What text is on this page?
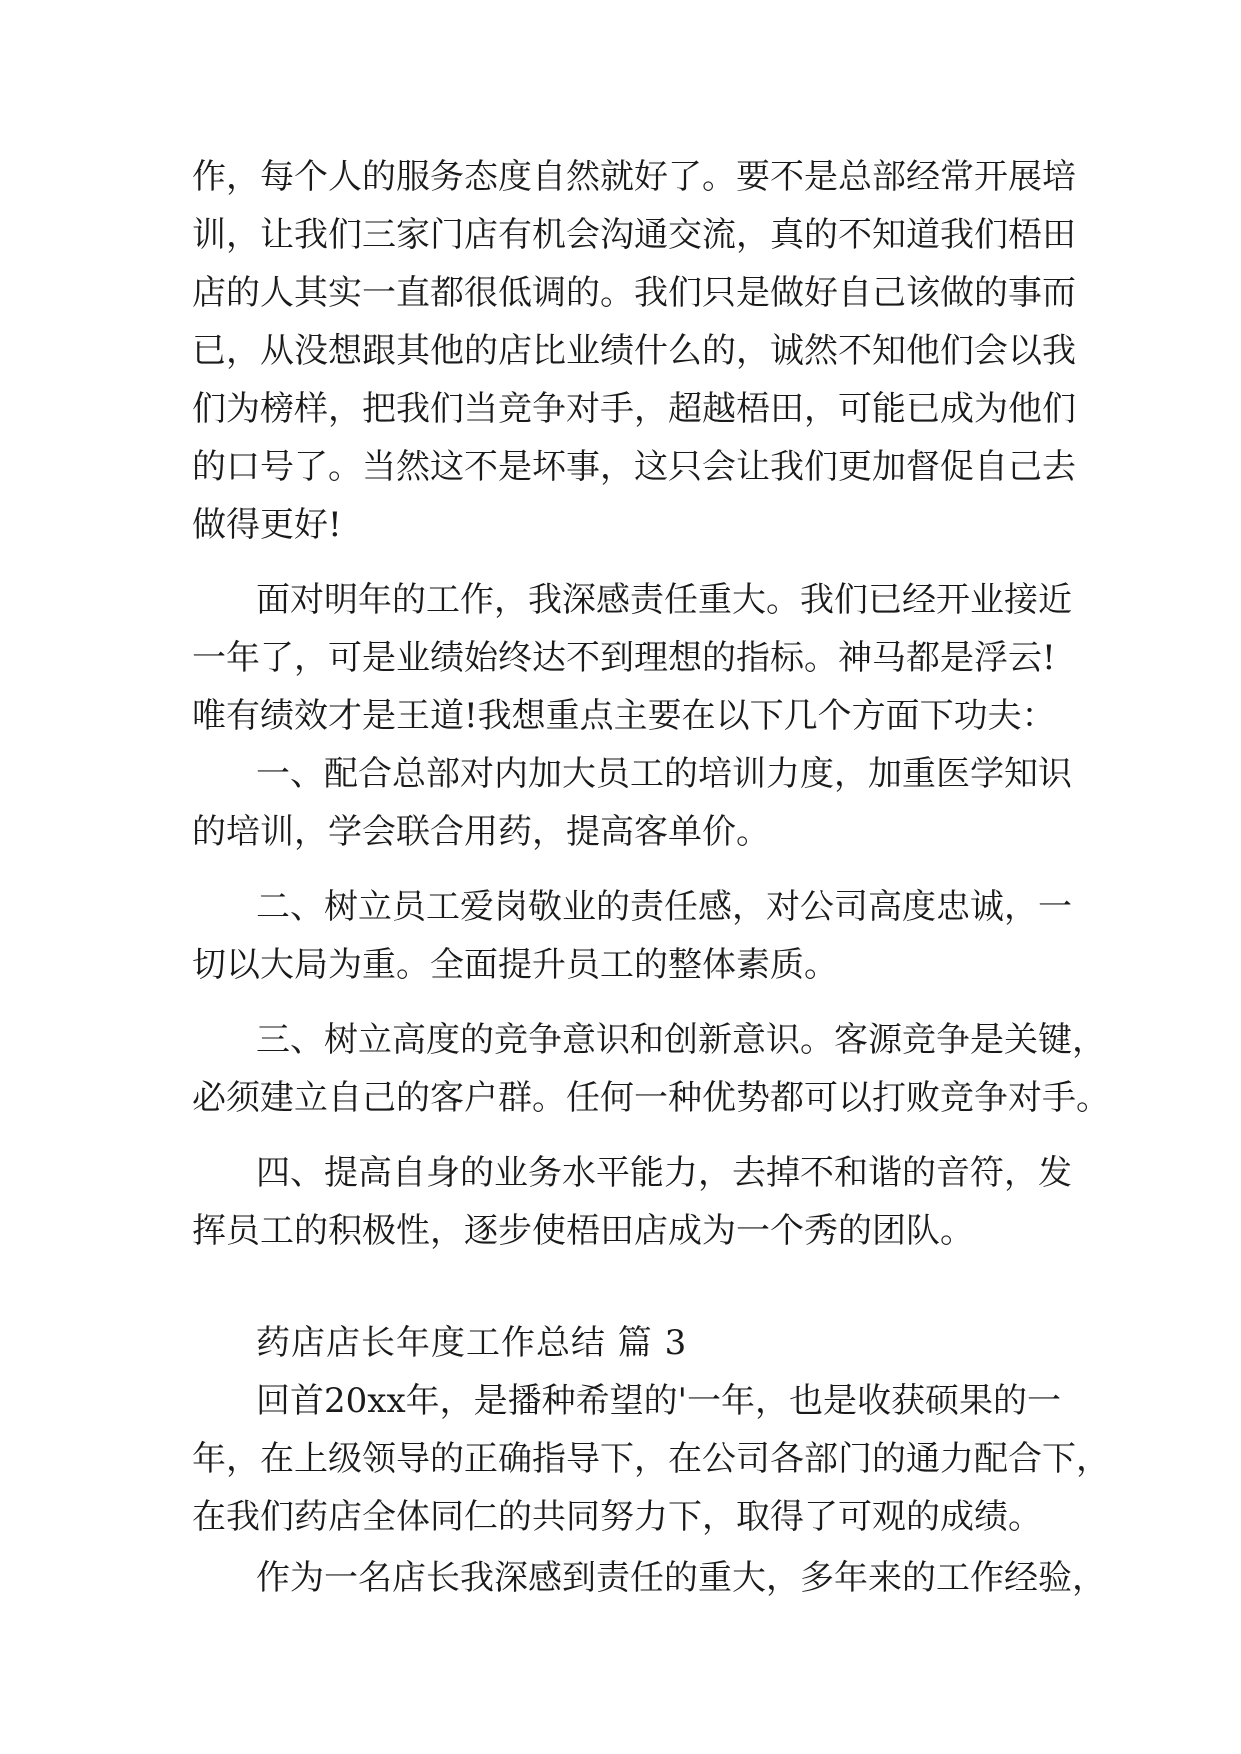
作，每个人的服务态度自然就好了。要不是总部经常开展培
训，让我们三家门店有机会沟通交流，真的不知道我们梧田
店的人其实一直都很低调的。我们只是做好自己该做的事而
已，从没想跟其他的店比业绩什么的，诚然不知他们会以我
们为榜样，把我们当竞争对手，超越梧田，可能已成为他们
的口号了。当然这不是坏事，这只会让我们更加督促自己去
做得更好!
面对明年的工作，我深感责任重大。我们已经开业接近
一年了，可是业绩始终达不到理想的指标。神马都是浮云!
唯有绩效才是王道!我想重点主要在以下几个方面下功夫：
一、配合总部对内加大员工的培训力度，加重医学知识
的培训，学会联合用药，提高客单价。
二、树立员工爱岗敬业的责任感，对公司高度忠诚，一
切以大局为重。全面提升员工的整体素质。
三、树立高度的竞争意识和创新意识。客源竞争是关键，
必须建立自己的客户群。任何一种优势都可以打败竞争对手。
四、提高自身的业务水平能力，去掉不和谐的音符，发
挥员工的积极性，逐步使梧田店成为一个秀的团队。
药店店长年度工作总结 篇 3
回首20xx年，是播种希望的'一年，也是收获硕果的一
年，在上级领导的正确指导下，在公司各部门的通力配合下，
在我们药店全体同仁的共同努力下，取得了可观的成绩。
作为一名店长我深感到责任的重大，多年来的工作经验，
